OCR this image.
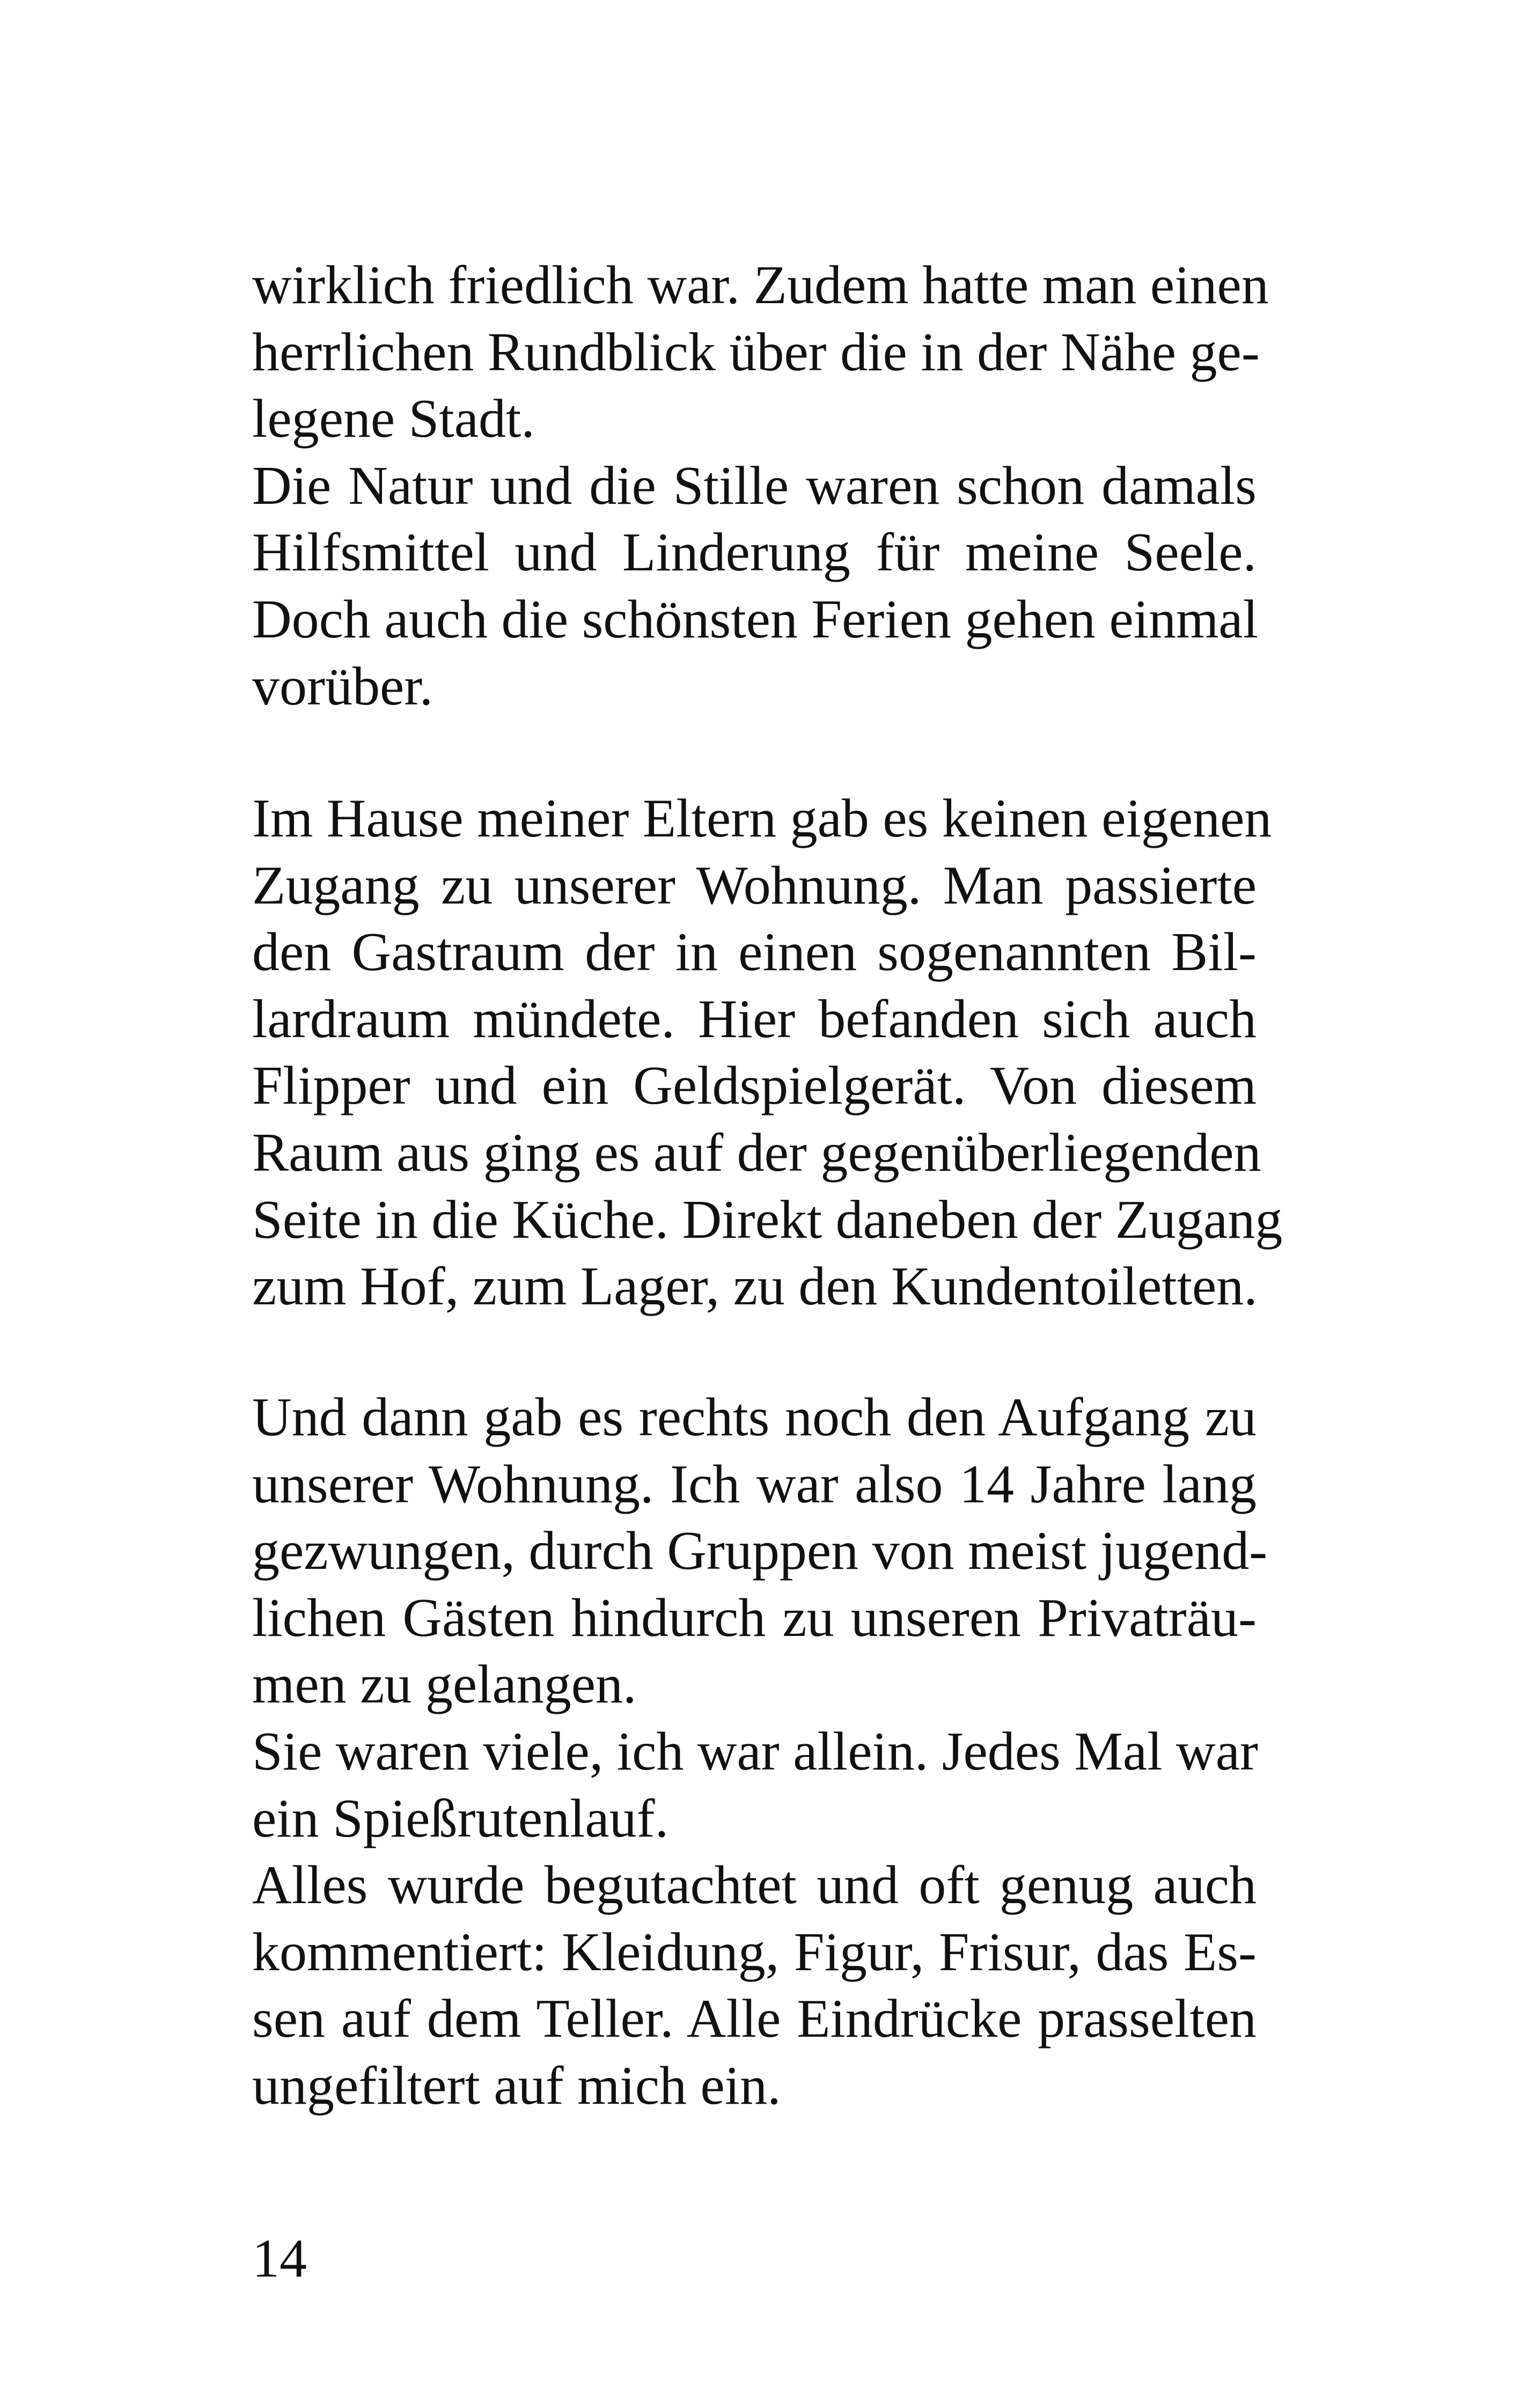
wirklich friedlich war. Zudem hatte man einen
herrlichen Rundblick über die in der Nähe ge-
legene Stadt.
Die Natur und die Stille waren schon damals
Hilfsmittel und Linderung für meine Seele.
Doch auch die schönsten Ferien gehen einmal
vorüber.
Im Hause meiner Eltern gab es keinen eigenen
Zugang zu unserer Wohnung. Man passierte
den Gastraum der in einen sogenannten Bil-
lardraum mündete. Hier befanden sich auch
Flipper und ein Geldspielgerät. Von diesem
Raum aus ging es auf der gegenüberliegenden
Seite in die Küche. Direkt daneben der Zugang
zum Hof, zum Lager, zu den Kundentoiletten.
Und dann gab es rechts noch den Aufgang zu
unserer Wohnung. Ich war also 14 Jahre lang
gezwungen, durch Gruppen von meist jugend-
lichen Gästen hindurch zu unseren Privaträu-
men zu gelangen.
Sie waren viele, ich war allein. Jedes Mal war
ein Spießrutenlauf.
Alles wurde begutachtet und oft genug auch
kommentiert: Kleidung, Figur, Frisur, das Es-
sen auf dem Teller. Alle Eindrücke prasselten
ungefiltert auf mich ein.
14
